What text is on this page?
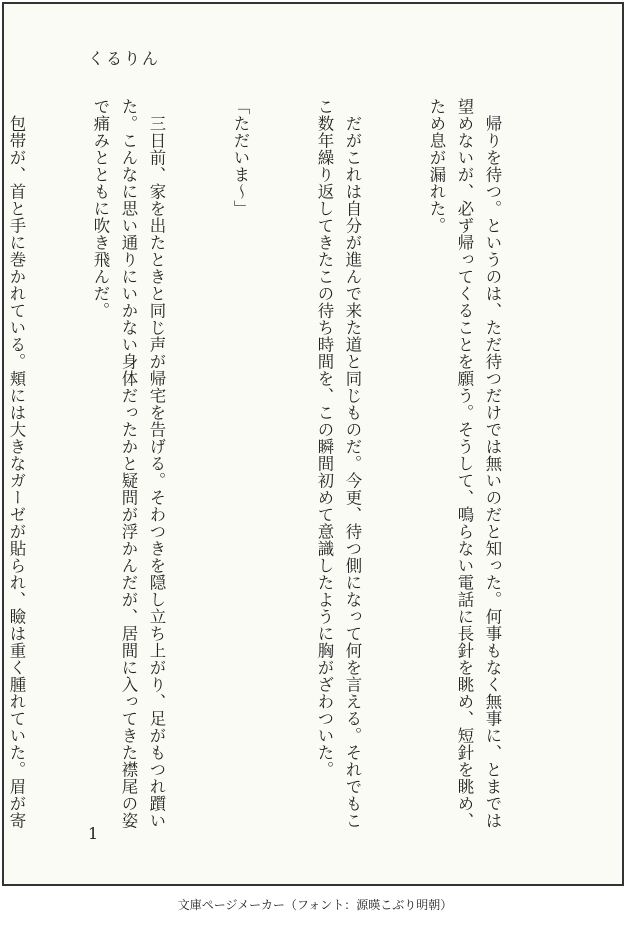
くるりん

　帰りを待つ。というのは、ただ待つだけでは無いのだと知った。何事もなく無事に、とまでは望めないが、必ず帰ってくることを願う。そうして、鳴らない電話に長針を眺め、短針を眺め、ため息が漏れた。

　だがこれは自分が進んで来た道と同じものだ。今更、待つ側になって何を言える。それでもここ数年繰り返してきたこの待ち時間を、この瞬間初めて意識したように胸がざわついた。

「ただいま～」

　三日前、家を出たときと同じ声が帰宅を告げる。そわつきを隠し立ち上がり、足がもつれ躓いた。こんなに思い通りにいかない身体だったかと疑問が浮かんだが、居間に入ってきた襟尾の姿で痛みとともに吹き飛んだ。

　包帯が、首と手に巻かれている。頬には大きなガーゼが貼られ、瞼は重く腫れていた。眉が寄

1
文庫ページメーカー（フォント：源暎こぶり明朝）
